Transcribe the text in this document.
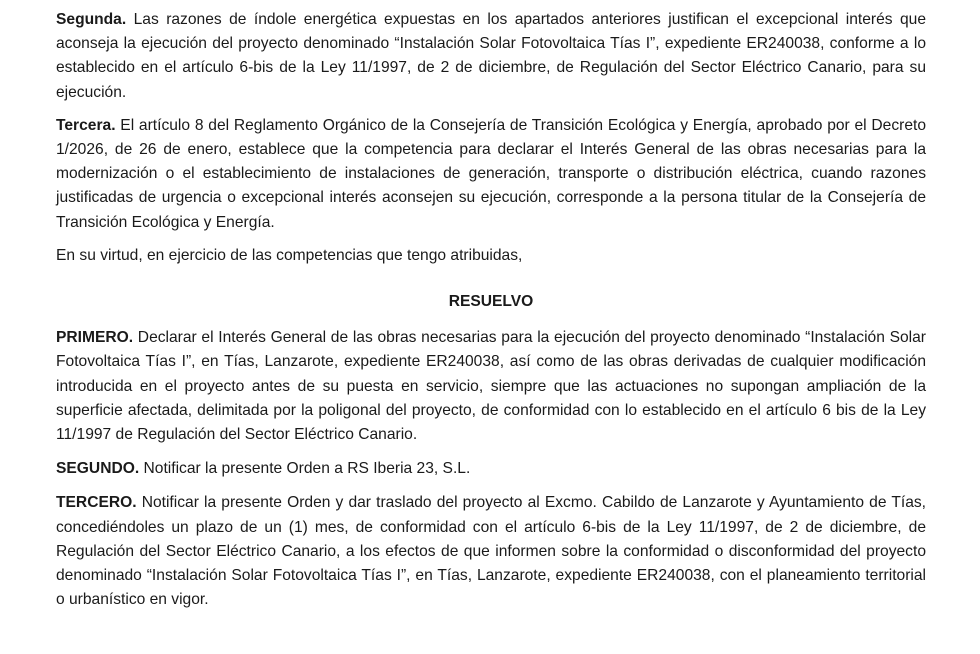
Segunda. Las razones de índole energética expuestas en los apartados anteriores justifican el excepcional interés que aconseja la ejecución del proyecto denominado “Instalación Solar Fotovoltaica Tías I”, expediente ER240038, conforme a lo establecido en el artículo 6-bis de la Ley 11/1997, de 2 de diciembre, de Regulación del Sector Eléctrico Canario, para su ejecución.

Tercera. El artículo 8 del Reglamento Orgánico de la Consejería de Transición Ecológica y Energía, aprobado por el Decreto 1/2026, de 26 de enero, establece que la competencia para declarar el Interés General de las obras necesarias para la modernización o el establecimiento de instalaciones de generación, transporte o distribución eléctrica, cuando razones justificadas de urgencia o excepcional interés aconsejen su ejecución, corresponde a la persona titular de la Consejería de Transición Ecológica y Energía.

En su virtud, en ejercicio de las competencias que tengo atribuidas,

RESUELVO

PRIMERO. Declarar el Interés General de las obras necesarias para la ejecución del proyecto denominado “Instalación Solar Fotovoltaica Tías I”, en Tías, Lanzarote, expediente ER240038, así como de las obras derivadas de cualquier modificación introducida en el proyecto antes de su puesta en servicio, siempre que las actuaciones no supongan ampliación de la superficie afectada, delimitada por la poligonal del proyecto, de conformidad con lo establecido en el artículo 6 bis de la Ley 11/1997 de Regulación del Sector Eléctrico Canario.

SEGUNDO. Notificar la presente Orden a RS Iberia 23, S.L.

TERCERO. Notificar la presente Orden y dar traslado del proyecto al Excmo. Cabildo de Lanzarote y Ayuntamiento de Tías, concediéndoles un plazo de un (1) mes, de conformidad con el artículo 6-bis de la Ley 11/1997, de 2 de diciembre, de Regulación del Sector Eléctrico Canario, a los efectos de que informen sobre la conformidad o disconformidad del proyecto denominado “Instalación Solar Fotovoltaica Tías I”, en Tías, Lanzarote, expediente ER240038, con el planeamiento territorial o urbanístico en vigor.
